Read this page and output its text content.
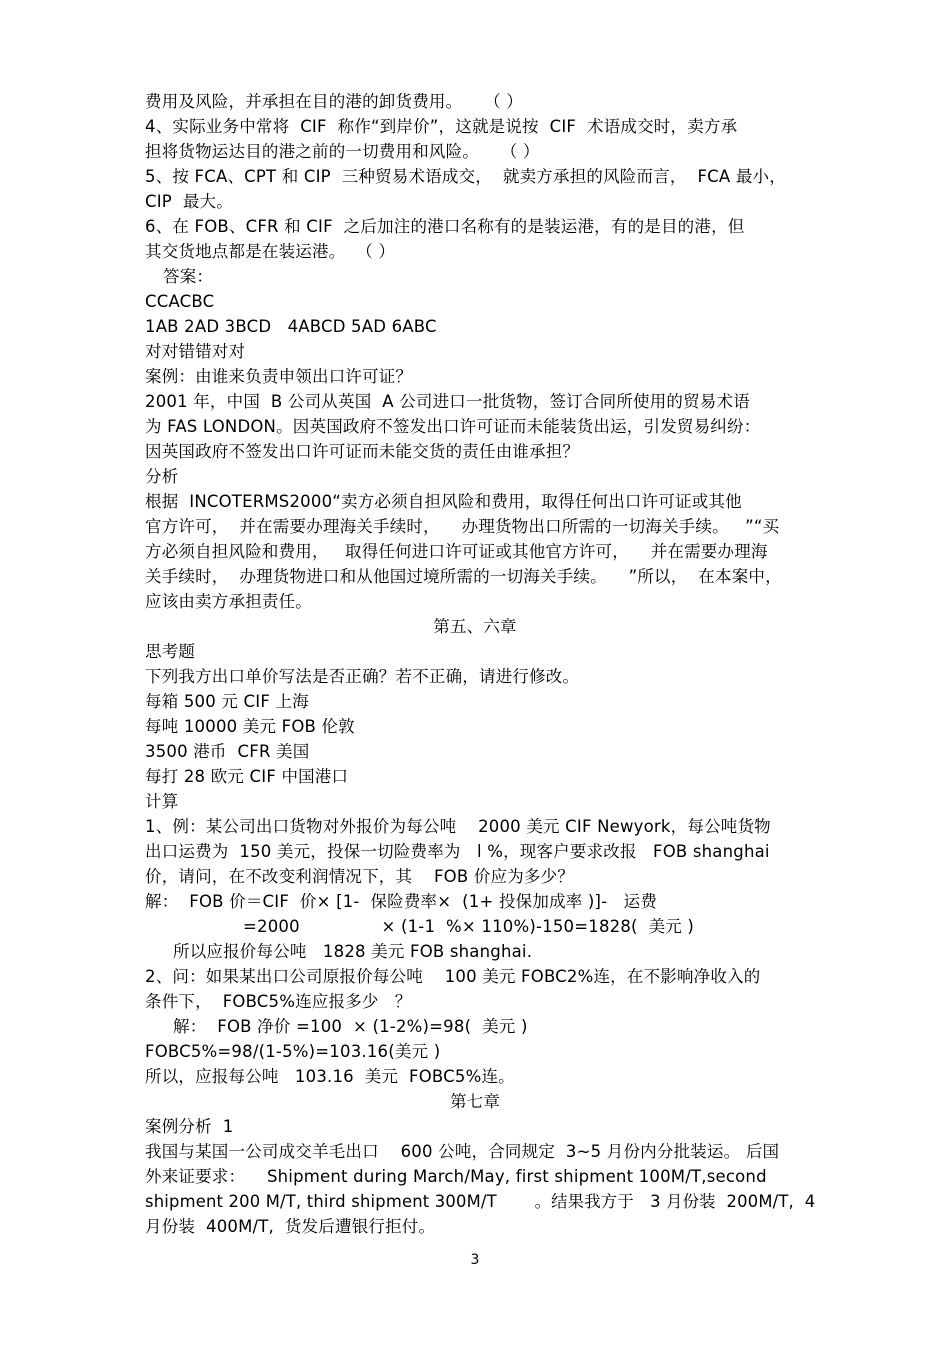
费用及风险，并承担在目的港的卸货费用。    （ ）
4、实际业务中常将  CIF  称作“到岸价”，这就是说按  CIF  术语成交时，卖方承
担将货物运达目的港之前的一切费用和风险。    （ ）
5、按 FCA、CPT 和 CIP  三种贸易术语成交，  就卖方承担的风险而言，  FCA 最小，
CIP  最大。
6、在 FOB、CFR 和 CIF  之后加注的港口名称有的是装运港，有的是目的港，但
其交货地点都是在装运港。  （ ）
答案：
CCACBC
1AB 2AD 3BCD   4ABCD 5AD 6ABC
对对错错对对
案例：由谁来负责申领出口许可证？
2001 年，中国  B 公司从英国  A 公司进口一批货物，签订合同所使用的贸易术语
为 FAS LONDON。因英国政府不签发出口许可证而未能装货出运，引发贸易纠纷：
因英国政府不签发出口许可证而未能交货的责任由谁承担？
分析
根据  INCOTERMS2000“卖方必须自担风险和费用，取得任何出口许可证或其他
官方许可，  并在需要办理海关手续时，    办理货物出口所需的一切海关手续。   ”“买
方必须自担风险和费用，   取得任何进口许可证或其他官方许可，    并在需要办理海
关手续时，  办理货物进口和从他国过境所需的一切海关手续。    ”所以，  在本案中，
应该由卖方承担责任。
第五、六章
思考题
下列我方出口单价写法是否正确？若不正确，请进行修改。
每箱 500 元 CIF 上海
每吨 10000 美元 FOB 伦敦
3500 港币  CFR 美国
每打 28 欧元 CIF 中国港口
计算
1、例：某公司出口货物对外报价为每公吨    2000 美元 CIF Newyork，每公吨货物
出口运费为  150 美元，投保一切险费率为   l %，现客户要求改报   FOB shanghai
价，请问，在不改变利润情况下，其    FOB 价应为多少？
解：  FOB 价＝CIF  价× [1-  保险费率×  (1+ 投保加成率 )]-   运费
=2000               × (1-1  %× 110%)-150=1828(  美元 )
所以应报价每公吨   1828 美元 FOB shanghai.
2、问：如果某出口公司原报价每公吨    100 美元 FOBC2%连，在不影响净收入的
条件下，  FOBC5%连应报多少   ？
解：  FOB 净价 =100  × (1-2%)=98(  美元 )
FOBC5%=98/(1-5%)=103.16(美元 )
所以，应报每公吨   103.16  美元  FOBC5%连。
第七章
案例分析  1
我国与某国一公司成交羊毛出口    600 公吨，合同规定  3~5 月份内分批装运。 后国
外来证要求：    Shipment during March/May, first shipment 100M/T,second
shipment 200 M/T, third shipment 300M/T       。结果我方于   3 月份装  200M/T,  4
月份装  400M/T,  货发后遭银行拒付。
3
